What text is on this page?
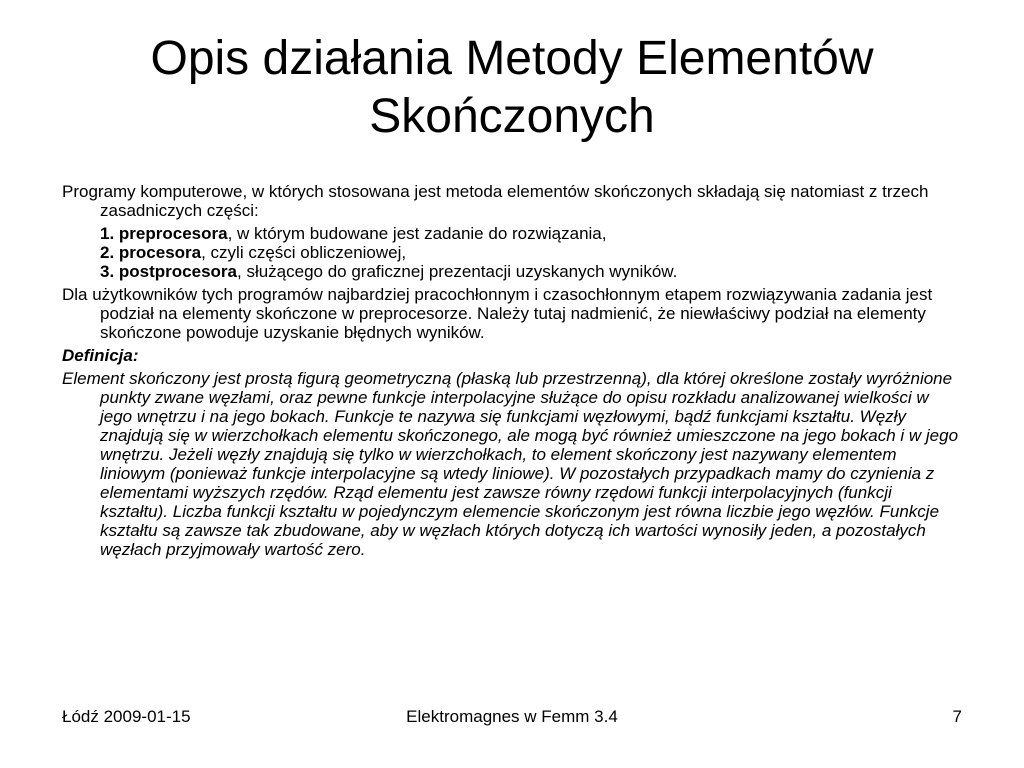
Opis działania Metody Elementów Skończonych

Programy komputerowe, w których stosowana jest metoda elementów skończonych składają się natomiast z trzech zasadniczych części:

1. preprocesora, w którym budowane jest zadanie do rozwiązania,
2. procesora, czyli części obliczeniowej,
3. postprocesora, służącego do graficznej prezentacji uzyskanych wyników.

Dla użytkowników tych programów najbardziej pracochłonnym i czasochłonnym etapem rozwiązywania zadania jest podział na elementy skończone w preprocesorze. Należy tutaj nadmienić, że niewłaściwy podział na elementy skończone powoduje uzyskanie błędnych wyników.

Definicja:

Element skończony jest prostą figurą geometryczną (płaską lub przestrzenną), dla której określone zostały wyróżnione punkty zwane węzłami, oraz pewne funkcje interpolacyjne służące do opisu rozkładu analizowanej wielkości w jego wnętrzu i na jego bokach. Funkcje te nazywa się funkcjami węzłowymi, bądź funkcjami kształtu. Węzły znajdują się w wierzchołkach elementu skończonego, ale mogą być również umieszczone na jego bokach i w jego wnętrzu. Jeżeli węzły znajdują się tylko w wierzchołkach, to element skończony jest nazywany elementem liniowym (ponieważ funkcje interpolacyjne są wtedy liniowe). W pozostałych przypadkach mamy do czynienia z elementami wyższych rzędów. Rząd elementu jest zawsze równy rzędowi funkcji interpolacyjnych (funkcji kształtu). Liczba funkcji kształtu w pojedynczym elemencie skończonym jest równa liczbie jego węzłów. Funkcje kształtu są zawsze tak zbudowane, aby w węzłach których dotyczą ich wartości wynosiły jeden, a pozostałych węzłach przyjmowały wartość zero.

Elektromagnes w Femm 3.4
Łódź 2009-01-15	7
